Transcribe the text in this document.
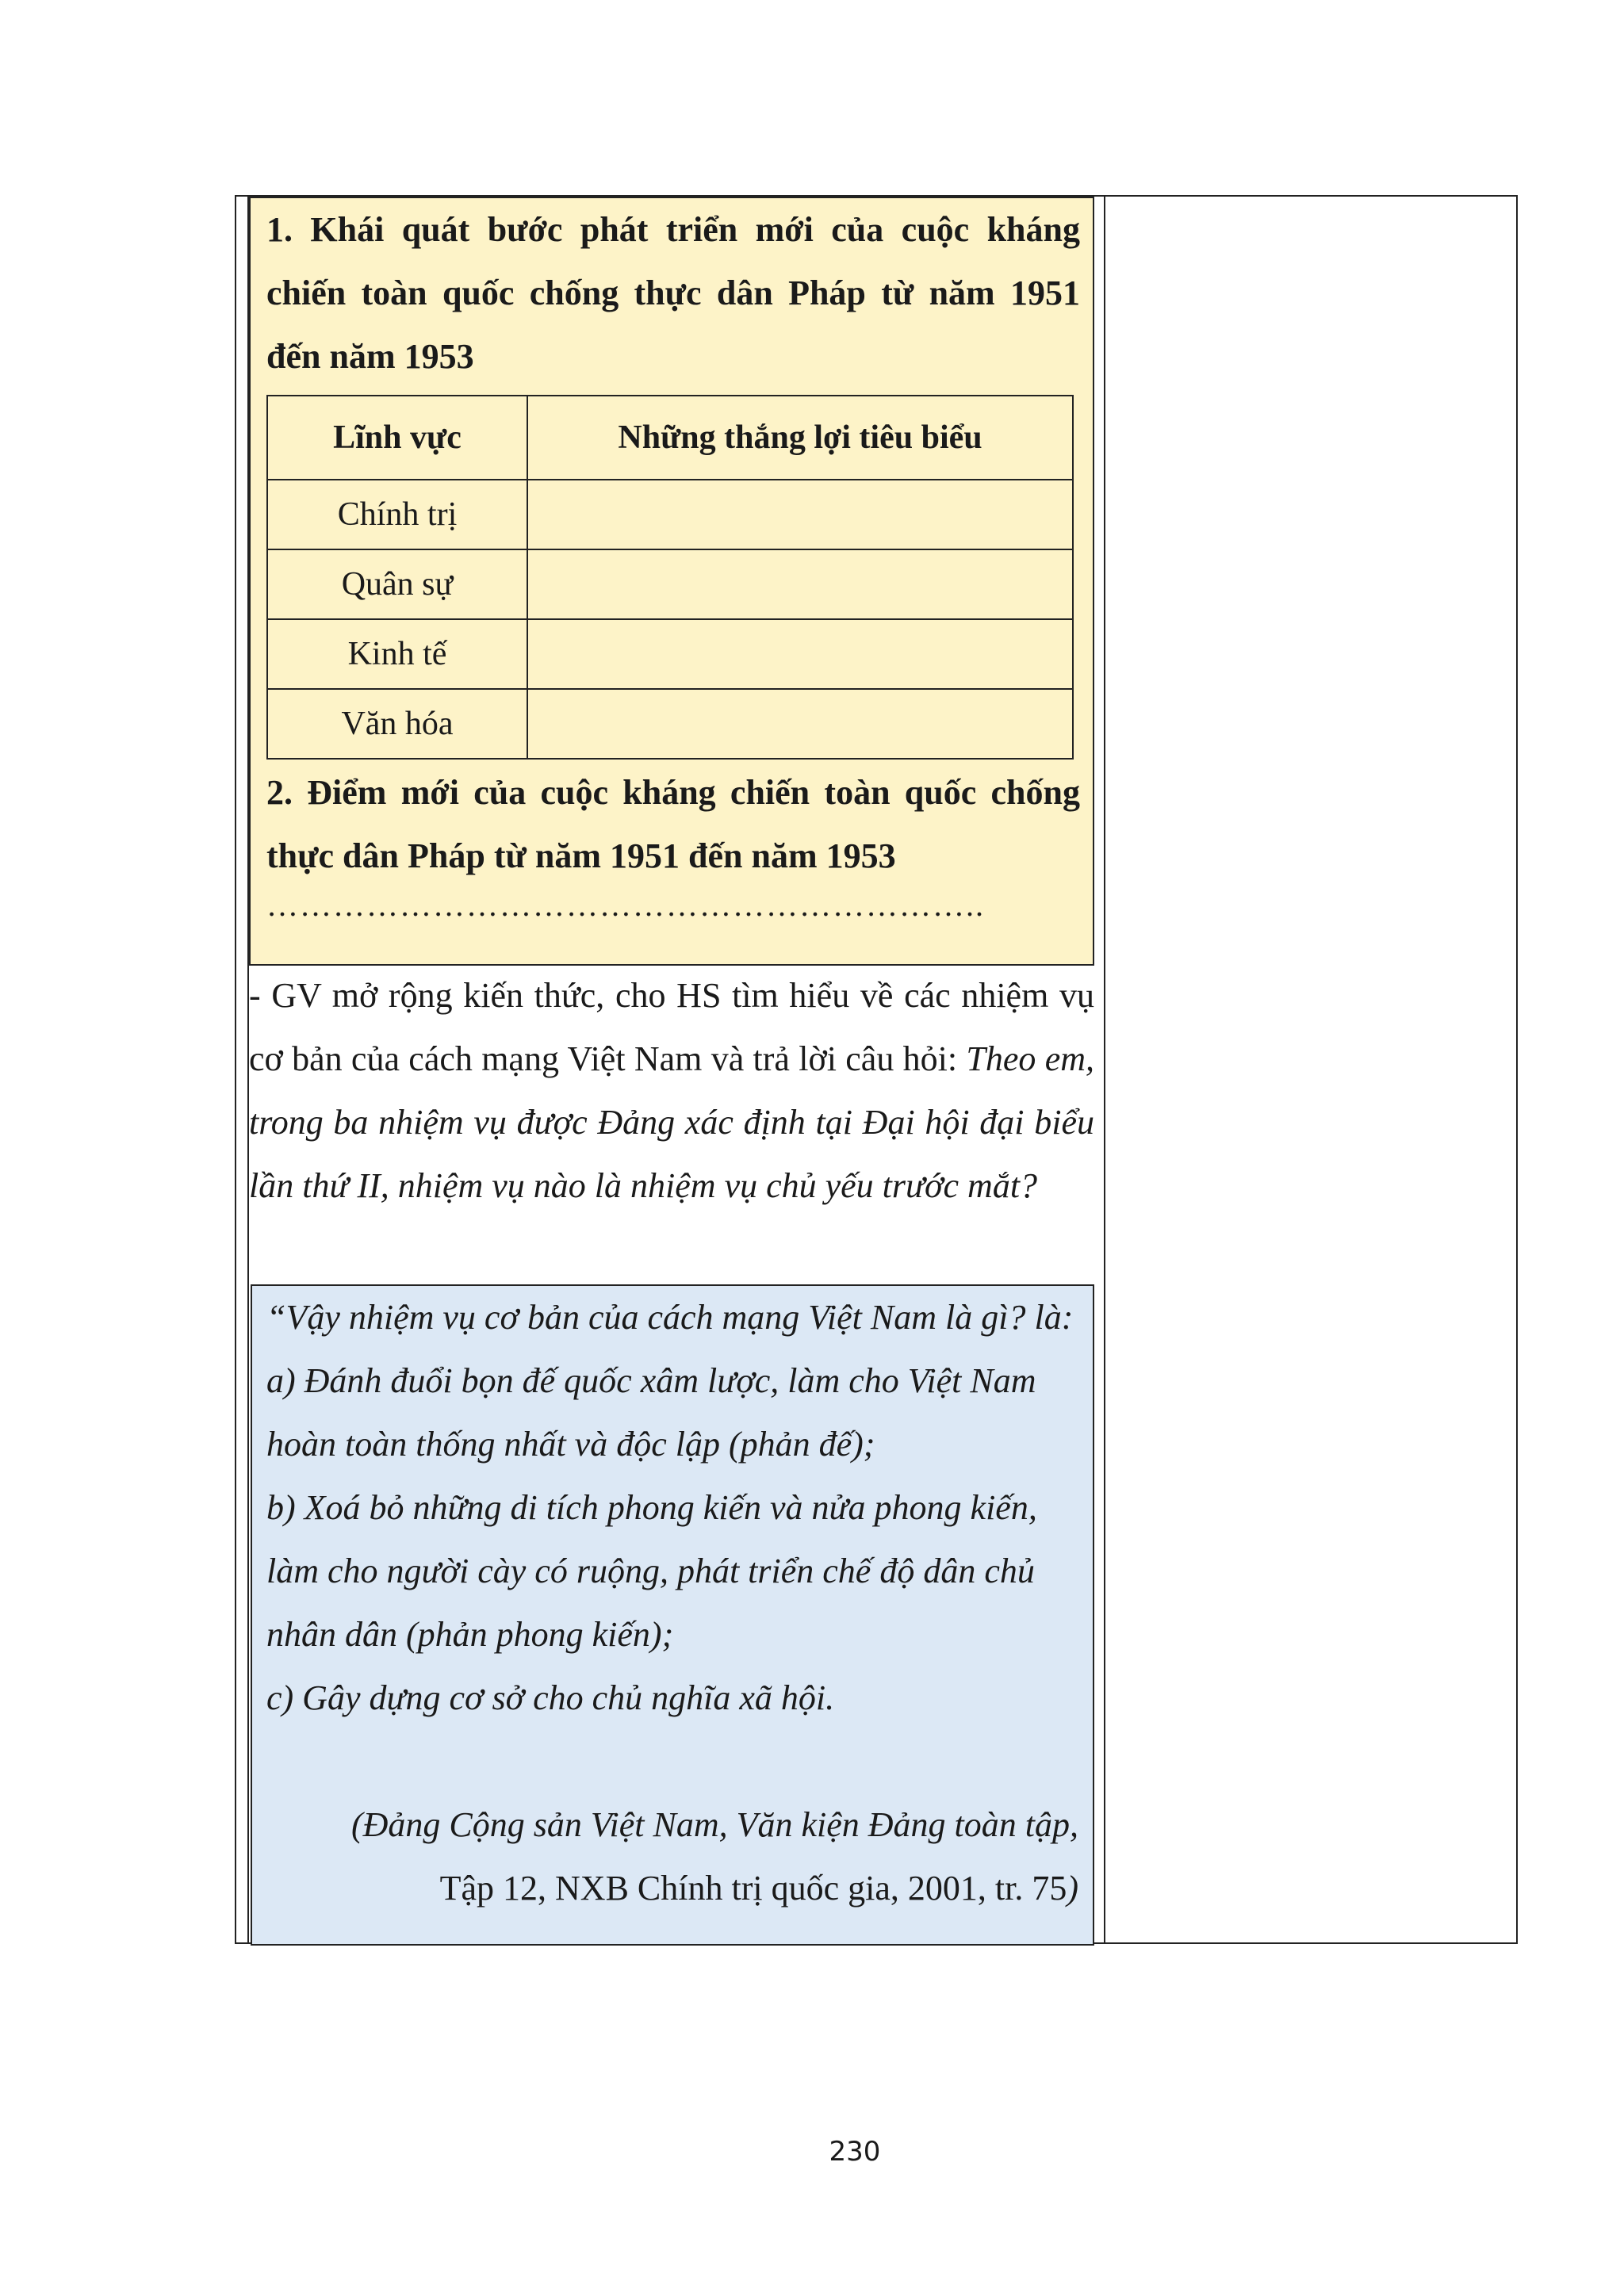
1. Khái quát bước phát triển mới của cuộc kháng chiến toàn quốc chống thực dân Pháp từ năm 1951 đến năm 1953
Lĩnh vực	Những thắng lợi tiêu biểu
Chính trị	
Quân sự	
Kinh tế	
Văn hóa	
2. Điểm mới của cuộc kháng chiến toàn quốc chống thực dân Pháp từ năm 1951 đến năm 1953
………………………………………………………..
- GV mở rộng kiến thức, cho HS tìm hiểu về các nhiệm vụ cơ bản của cách mạng Việt Nam và trả lời câu hỏi: Theo em, trong ba nhiệm vụ được Đảng xác định tại Đại hội đại biểu lần thứ II, nhiệm vụ nào là nhiệm vụ chủ yếu trước mắt?
“Vậy nhiệm vụ cơ bản của cách mạng Việt Nam là gì? là:
a) Đánh đuổi bọn đế quốc xâm lược, làm cho Việt Nam hoàn toàn thống nhất và độc lập (phản đế);
b) Xoá bỏ những di tích phong kiến và nửa phong kiến, làm cho người cày có ruộng, phát triển chế độ dân chủ nhân dân (phản phong kiến);
c) Gây dựng cơ sở cho chủ nghĩa xã hội.
(Đảng Cộng sản Việt Nam, Văn kiện Đảng toàn tập,
Tập 12, NXB Chính trị quốc gia, 2001, tr. 75)
230
